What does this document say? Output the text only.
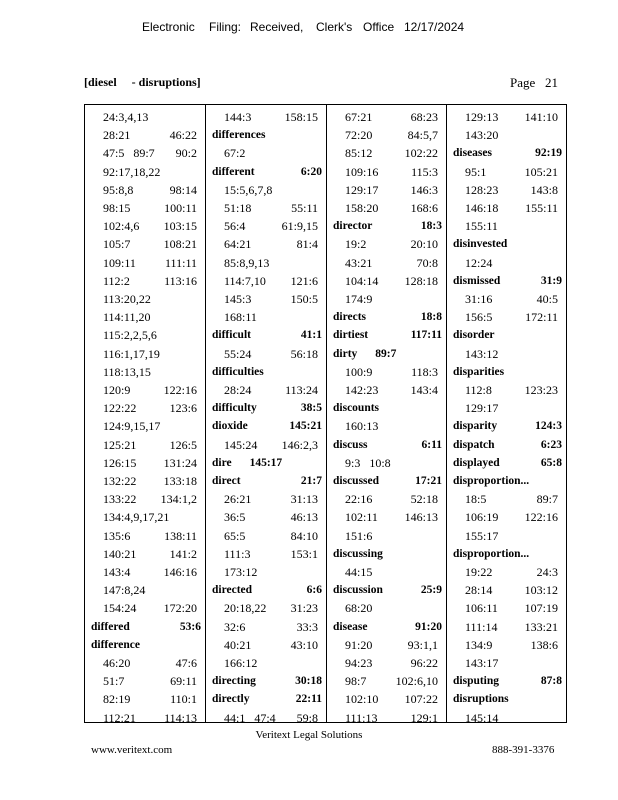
Electronic Filing: Received, Clerk's Office 12/17/2024
[diesel     - disruptions]	Page   21
24:3,4,13
28:21	46:22
47:5   89:7 90:2
92:17,18,22
95:8,8	98:14
98:15	100:11
102:4,6 103:15
105:7	108:21
109:11 111:11
112:2	113:16
113:20,22
114:11,20
115:2,2,5,6
116:1,17,19
118:13,15
120:9	122:16
122:22	123:6
124:9,15,17
125:21	126:5
126:15 131:24
132:22 133:18
133:22 134:1,2
134:4,9,17,21
135:6	138:11
140:21	141:2
143:4	146:16
147:8,24
154:24 172:20
differed	53:6
difference
46:20	47:6
51:7	69:11
82:19	110:1
112:21 114:13
144:3	158:15
differences
67:2
different	6:20
15:5,6,7,8
51:18	55:11
56:4	61:9,15
64:21	81:4
85:8,9,13
114:7,10 121:6
145:3	150:5
168:11
difficult	41:1
55:24	56:18
difficulties
28:24	113:24
difficulty	38:5
dioxide	145:21
145:24 146:2,3
dire 145:17
direct	21:7
26:21	31:13
36:5	46:13
65:5	84:10
111:3	153:1
173:12
directed	6:6
20:18,22 31:23
32:6	33:3
40:21	43:10
166:12
directing	30:18
directly	22:11
44:1   47:4 59:8
67:21	68:23
72:20	84:5,7
85:12	102:22
109:16	115:3
129:17	146:3
158:20	168:6
director	18:3
19:2	20:10
43:21	70:8
104:14 128:18
174:9
directs	18:8
dirtiest	117:11
dirty 89:7
100:9	118:3
142:23	143:4
discounts
160:13
discuss	6:11
9:3   10:8
discussed	17:21
22:16	52:18
102:11 146:13
151:6
discussing
44:15
discussion	25:9
68:20
disease	91:20
91:20	93:1,1
94:23	96:22
98:7 102:6,10
102:10 107:22
111:13	129:1
129:13 141:10
143:20
diseases	92:19
95:1	105:21
128:23	143:8
146:18 155:11
155:11
disinvested
12:24
dismissed	31:9
31:16	40:5
156:5	172:11
disorder
143:12
disparities
112:8	123:23
129:17
disparity	124:3
dispatch	6:23
displayed	65:8
disproportion...
18:5	89:7
106:19 122:16
155:17
disproportion...
19:22	24:3
28:14	103:12
106:11 107:19
111:14 133:21
134:9	138:6
143:17
disputing	87:8
disruptions
145:14
Veritext Legal Solutions
www.veritext.com	888-391-3376
